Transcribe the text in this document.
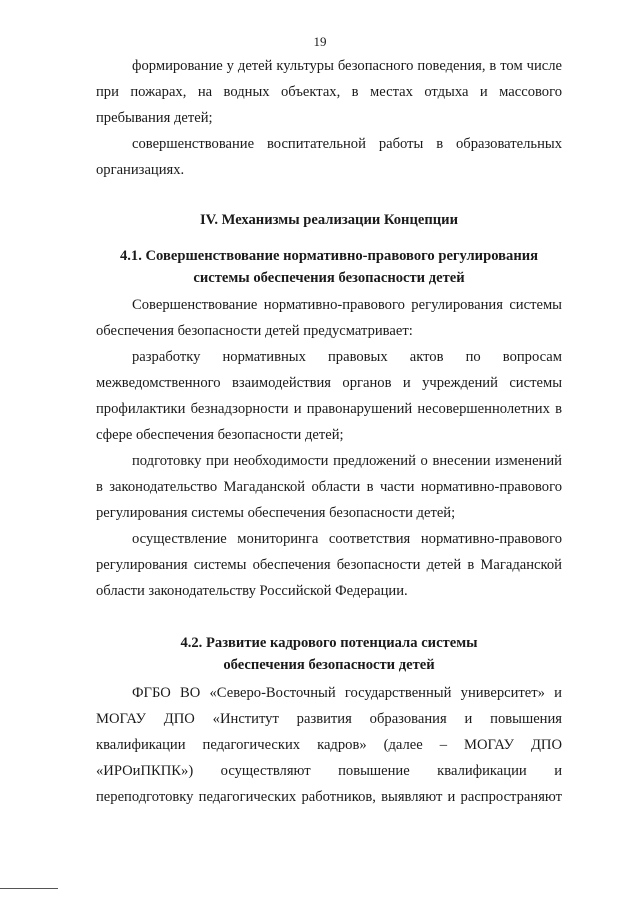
19
формирование у детей культуры безопасного поведения, в том числе
при пожарах, на водных объектах, в местах отдыха и массового
пребывания детей;
совершенствование воспитательной работы в образовательных
организациях.
IV. Механизмы реализации Концепции
4.1. Совершенствование нормативно-правового регулирования
системы обеспечения безопасности детей
Совершенствование нормативно-правового регулирования системы
обеспечения безопасности детей предусматривает:
разработку нормативных правовых актов по вопросам
межведомственного взаимодействия органов и учреждений системы
профилактики безнадзорности и правонарушений несовершеннолетних в
сфере обеспечения безопасности детей;
подготовку при необходимости предложений о внесении изменений
в законодательство Магаданской области в части нормативно-правового
регулирования системы обеспечения безопасности детей;
осуществление мониторинга соответствия нормативно-правового
регулирования системы обеспечения безопасности детей в Магаданской
области законодательству Российской Федерации.
4.2. Развитие кадрового потенциала системы
обеспечения безопасности детей
ФГБО ВО «Северо-Восточный государственный университет» и
МОГАУ ДПО «Институт развития образования и повышения
квалификации педагогических кадров» (далее – МОГАУ ДПО
«ИРОиПКПК») осуществляют повышение квалификации и
переподготовку педагогических работников, выявляют и распространяют
